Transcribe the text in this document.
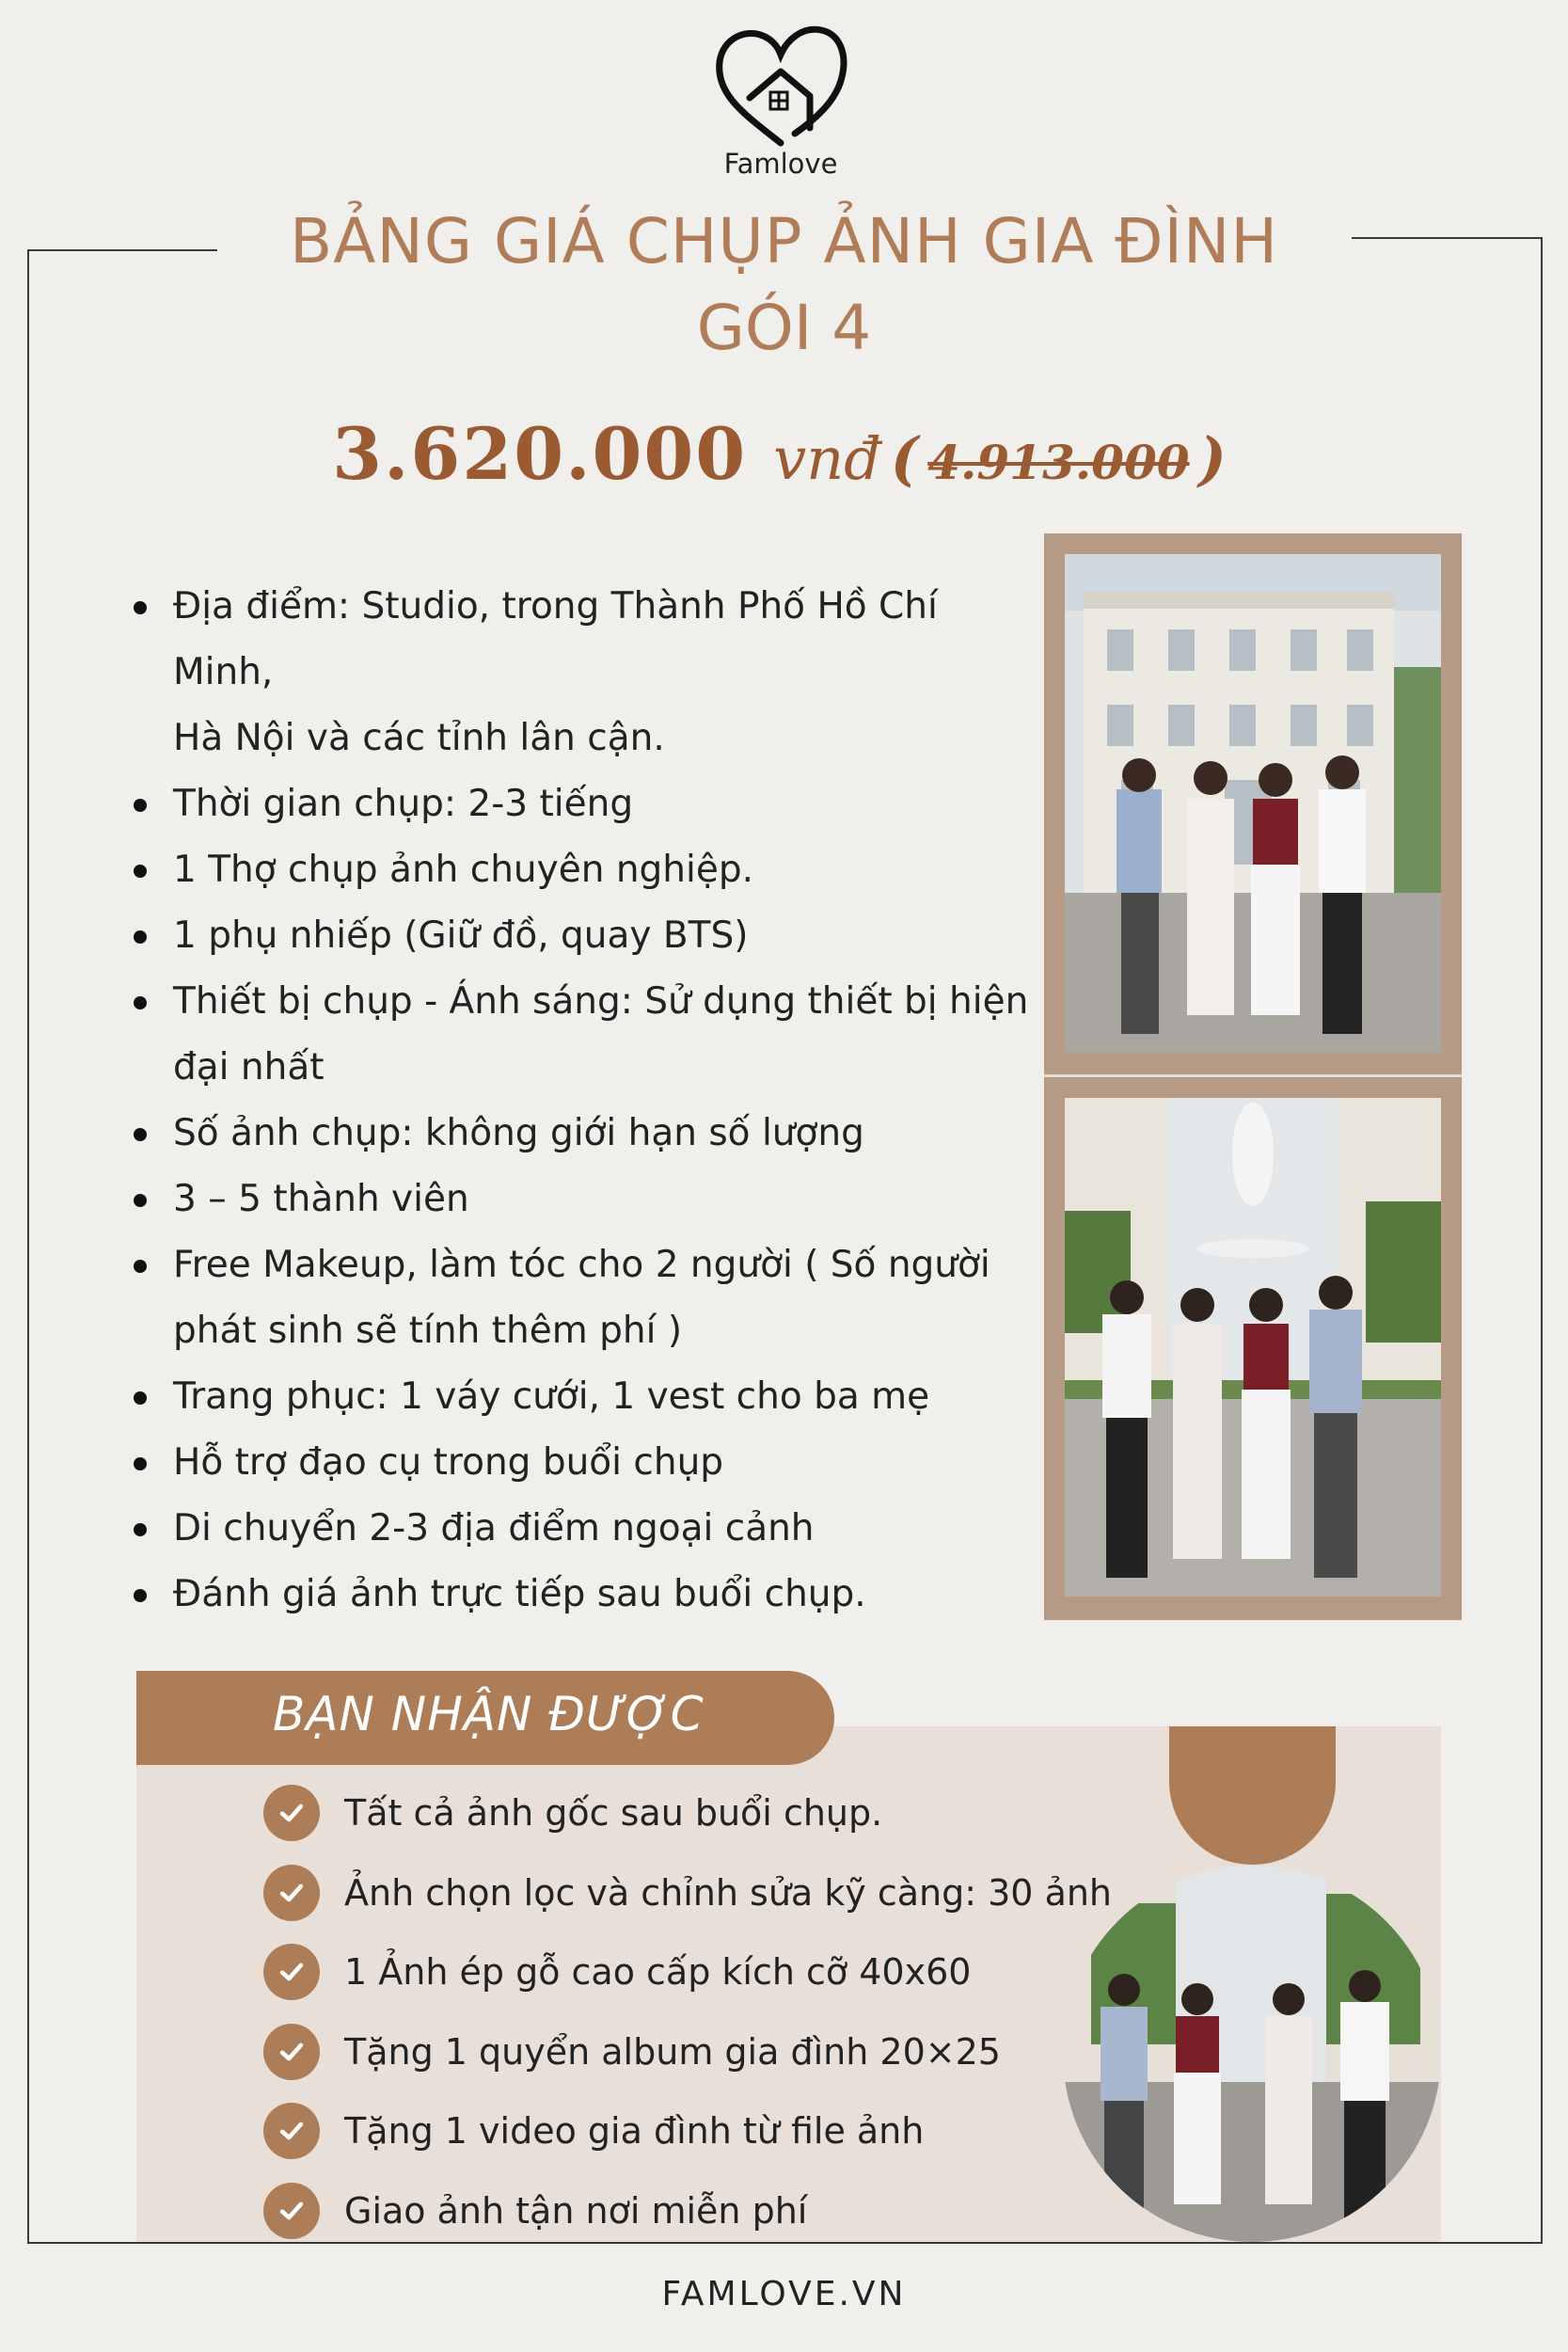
Famlove
BẢNG GIÁ CHỤP ẢNH GIA ĐÌNH
GÓI 4
3.620.000 vnđ ( 4.913.000 )
Địa điểm: Studio, trong Thành Phố Hồ Chí Minh,
Hà Nội và các tỉnh lân cận.
Thời gian chụp: 2-3 tiếng
1 Thợ chụp ảnh chuyên nghiệp.
1 phụ nhiếp (Giữ đồ, quay BTS)
Thiết bị chụp - Ánh sáng: Sử dụng thiết bị hiện
đại nhất
Số ảnh chụp: không giới hạn số lượng
3 – 5 thành viên
Free Makeup, làm tóc cho 2 người ( Số người
phát sinh sẽ tính thêm phí )
Trang phục: 1 váy cưới, 1 vest cho ba mẹ
Hỗ trợ đạo cụ trong buổi chụp
Di chuyển 2-3 địa điểm ngoại cảnh
Đánh giá ảnh trực tiếp sau buổi chụp.
BẠN NHẬN ĐƯỢC
Tất cả ảnh gốc sau buổi chụp.
Ảnh chọn lọc và chỉnh sửa kỹ càng: 30 ảnh
1 Ảnh ép gỗ cao cấp kích cỡ 40x60
Tặng 1 quyển album gia đình 20×25
Tặng 1 video gia đình từ file ảnh
Giao ảnh tận nơi miễn phí
FAMLOVE.VN
